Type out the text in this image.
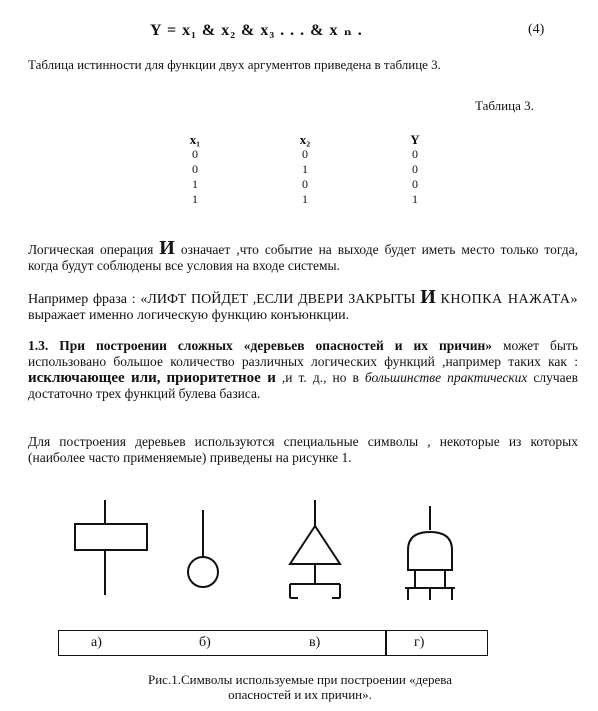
Y = x₁ & x₂ & x₃ . . . & x ₙ .	(4)
Таблица истинности для функции двух аргументов приведена в таблице 3.
Таблица 3.
x₁	x₂	Y
0	0	0
0	1	0
1	0	0
1	1	1
Логическая операция И означает ,что событие на выходе будет иметь место только тогда, когда будут соблюдены все условия на входе системы.
Например фраза : «ЛИФТ ПОЙДЕТ ,ЕСЛИ ДВЕРИ ЗАКРЫТЫ И КНОПКА НАЖАТА» выражает именно логическую функцию конъюнкции.
1.3. При построении сложных «деревьев опасностей и их причин» может быть использовано большое количество различных логических функций ,например таких как : исключающее или, приоритетное и ,и т. д., но в большинстве практических случаев достаточно трех функций булева базиса.
Для построения деревьев используются специальные символы , некоторые из которых (наиболее часто применяемые) приведены на рисунке 1.
а)	б)	в)	г)
Рис.1.Символы используемые при построении «дерева опасностей и их причин».
